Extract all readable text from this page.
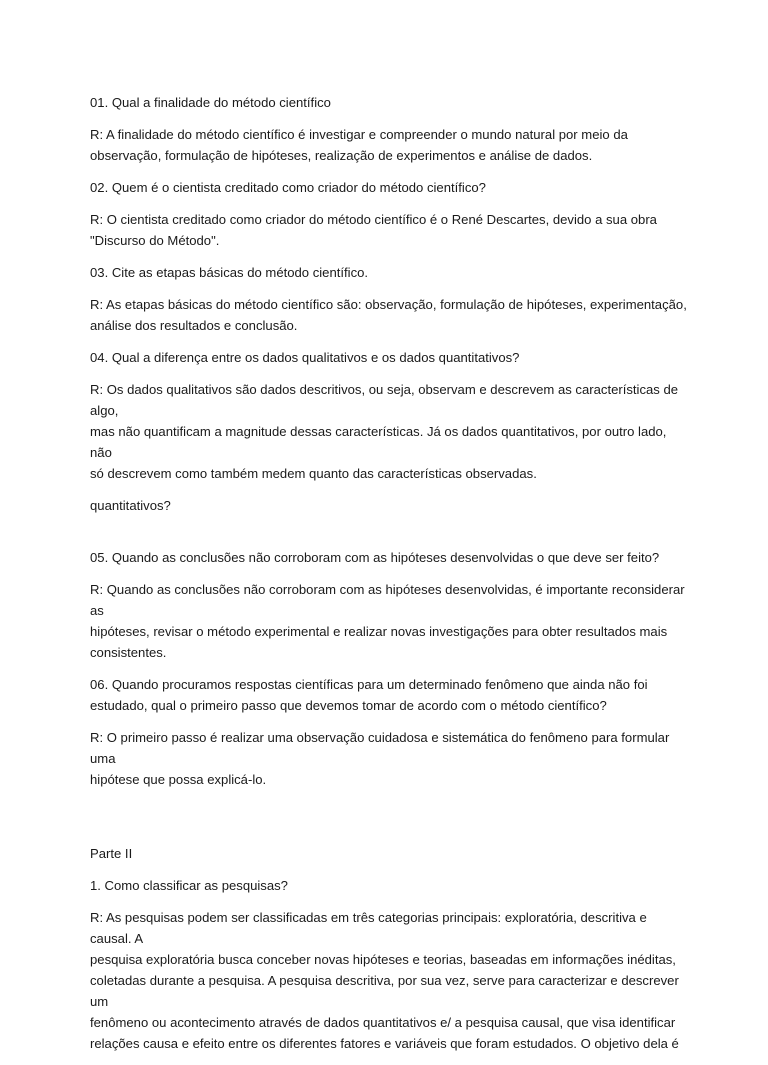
01. Qual a finalidade do método científico

R: A finalidade do método científico é investigar e compreender o mundo natural por meio da
observação, formulação de hipóteses, realização de experimentos e análise de dados.

02. Quem é o cientista creditado como criador do método científico?

R: O cientista creditado como criador do método científico é o René Descartes, devido a sua obra
"Discurso do Método".

03. Cite as etapas básicas do método científico.

R: As etapas básicas do método científico são: observação, formulação de hipóteses, experimentação,
análise dos resultados e conclusão.

04. Qual a diferença entre os dados qualitativos e os dados quantitativos?

R: Os dados qualitativos são dados descritivos, ou seja, observam e descrevem as características de algo,
mas não quantificam a magnitude dessas características. Já os dados quantitativos, por outro lado, não
só descrevem como também medem quanto das características observadas.

quantitativos?

05. Quando as conclusões não corroboram com as hipóteses desenvolvidas o que deve ser feito?

R: Quando as conclusões não corroboram com as hipóteses desenvolvidas, é importante reconsiderar as
hipóteses, revisar o método experimental e realizar novas investigações para obter resultados mais
consistentes.

06. Quando procuramos respostas científicas para um determinado fenômeno que ainda não foi
estudado, qual o primeiro passo que devemos tomar de acordo com o método científico?

R: O primeiro passo é realizar uma observação cuidadosa e sistemática do fenômeno para formular uma
hipótese que possa explicá-lo.

Parte II

1. Como classificar as pesquisas?

R: As pesquisas podem ser classificadas em três categorias principais: exploratória, descritiva e causal. A
pesquisa exploratória busca conceber novas hipóteses e teorias, baseadas em informações inéditas,
coletadas durante a pesquisa. A pesquisa descritiva, por sua vez, serve para caracterizar e descrever um
fenômeno ou acontecimento através de dados quantitativos e/ a pesquisa causal, que visa identificar
relações causa e efeito entre os diferentes fatores e variáveis que foram estudados. O objetivo dela é
